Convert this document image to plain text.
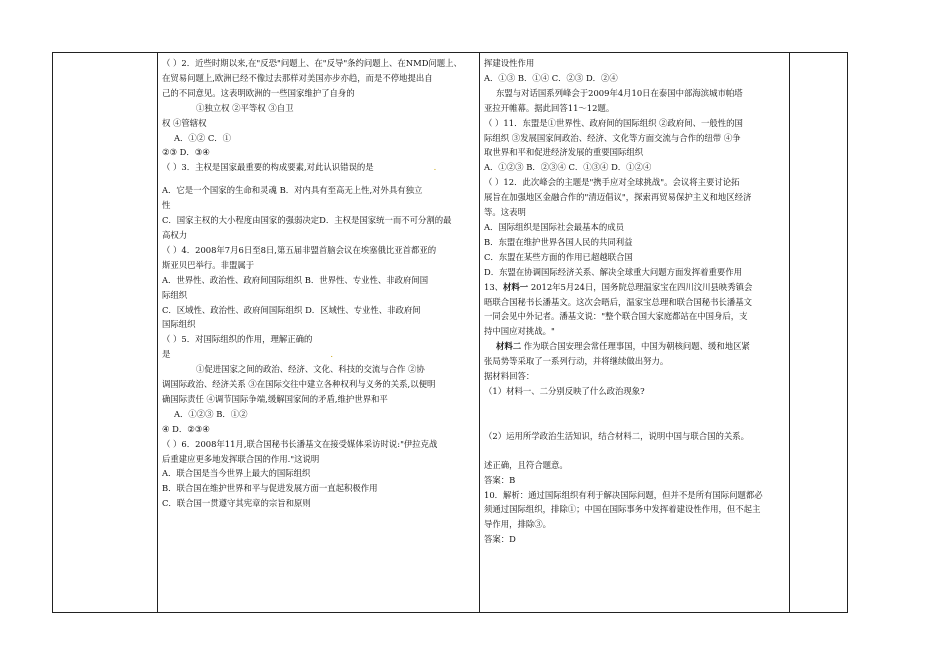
（ ）2．近些时期以来,在"反恐"问题上、在"反导"条约问题上、在NMD问题上、

在贸易问题上,欧洲已经不像过去那样对美国亦步亦趋，而是不停地提出自

己的不同意见。这表明欧洲的一些国家维护了自身的

①独立权 ②平等权 ③自卫

权 ④管辖权

A．①② C．①

②③ D．③④

（ ）3．主权是国家最重要的构成要素,对此认识错误的是	.

A．它是一个国家的生命和灵魂 B．对内具有至高无上性,对外具有独立

性

C．国家主权的大小程度由国家的强弱决定D．主权是国家统一而不可分割的最

高权力

（ ）4．2008年7月6日至8日,第五届非盟首脑会议在埃塞俄比亚首都亚的

斯亚贝巴举行。非盟属于

A．世界性、政治性、政府间国际组织 B．世界性、专业性、非政府间国

际组织

C．区域性、政治性、政府间国际组织 D．区域性、专业性、非政府间

国际组织

（ ）5．对国际组织的作用，理解正确的

是	.

①促进国家之间的政治、经济、文化、科技的交流与合作 ②协

调国际政治、经济关系 ③在国际交往中建立各种权利与义务的关系,以便明

确国际责任 ④调节国际争端,缓解国家间的矛盾,维护世界和平

A．①②③ B．①②

④ D．②③④

（ ）6．2008年11月,联合国秘书长潘基文在接受媒体采访时说:"伊拉克战

后重建应更多地发挥联合国的作用."这说明

A．联合国是当今世界上最大的国际组织

B．联合国在维护世界和平与促进发展方面一直起积极作用

C．联合国一贯遵守其宪章的宗旨和原则

挥建设性作用

A．①③ B．①④ C．②③ D．②④

东盟与对话国系列峰会于2009年4月10日在泰国中部海滨城市帕塔

亚拉开帷幕。据此回答11～12题。

（ ）11．东盟是①世界性、政府间的国际组织 ②政府间、一般性的国

际组织 ③发展国家间政治、经济、文化等方面交流与合作的纽带 ④争

取世界和平和促进经济发展的重要国际组织

A．①②③ B．②③④ C．①③④ D．①②④

（ ）12．此次峰会的主题是"携手应对全球挑战"。会议将主要讨论拓

展旨在加强地区金融合作的"清迈倡议"，探索再贸易保护主义和地区经济

等。这表明

A．国际组织是国际社会最基本的成员

B．东盟在维护世界各国人民的共同利益

C．东盟在某些方面的作用已超越联合国

D．东盟在协调国际经济关系、解决全球重大问题方面发挥着重要作用

13、材料一 2012年5月24日，国务院总理温家宝在四川汶川县映秀镇会

晤联合国秘书长潘基文。这次会晤后，温家宝总理和联合国秘书长潘基文

一同会见中外记者。潘基文说："整个联合国大家庭都站在中国身后，支

持中国应对挑战。"

材料二 作为联合国安理会常任理事国，中国为朝核问题、缓和地区紧

张局势等采取了一系列行动，并将继续做出努力。

据材料回答：

（1）材料一、二分别反映了什么政治现象?

（2）运用所学政治生活知识，结合材料二，说明中国与联合国的关系。

述正确，且符合题意。

答案：B

10．解析：通过国际组织有利于解决国际问题，但并不是所有国际问题都必

须通过国际组织，排除①；中国在国际事务中发挥着建设性作用，但不起主

导作用，排除③。

答案：D
